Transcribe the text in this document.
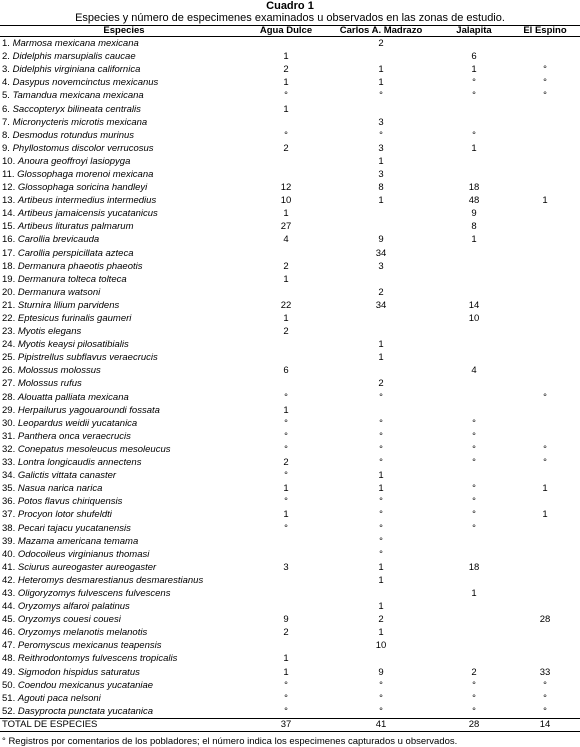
Cuadro 1
Especies y número de especimenes examinados u observados en las zonas de estudio.
Especies	Agua Dulce	Carlos A. Madrazo	Jalapita	El Espino
1. Marmosa mexicana mexicana		2		
2. Didelphis marsupialis caucae	1		6	
3. Didelphis virginiana californica	2	1	1	°
4. Dasypus novemcinctus mexicanus	1	1	°	°
5. Tamandua mexicana mexicana	°	°	°	°
6. Saccopteryx bilineata centralis	1			
7. Micronycteris microtis mexicana		3		
8. Desmodus rotundus murinus	°	°	°	
9. Phyllostomus discolor verrucosus	2	3	1	
10. Anoura geoffroyi lasiopyga		1		
11. Glossophaga morenoi mexicana		3		
12. Glossophaga soricina handleyi	12	8	18	
13. Artibeus intermedius intermedius	10	1	48	1
14. Artibeus jamaicensis yucatanicus	1		9	
15. Artibeus lituratus palmarum	27		8	
16. Carollia brevicauda	4	9	1	
17. Carollia perspicillata azteca		34		
18. Dermanura phaeotis phaeotis	2	3		
19. Dermanura tolteca tolteca	1			
20. Dermanura watsoni		2		
21. Sturnira lilium parvidens	22	34	14	
22. Eptesicus furinalis gaumeri	1		10	
23. Myotis elegans	2			
24. Myotis keaysi pilosatibialis		1		
25. Pipistrellus subflavus veraecrucis		1		
26. Molossus molossus	6		4	
27. Molossus rufus		2		
28. Alouatta palliata mexicana	°	°		°
29. Herpailurus yagouaroundi fossata	1			
30. Leopardus weidii yucatanica	°	°	°	
31. Panthera onca veraecrucis	°	°	°	
32. Conepatus mesoleucus mesoleucus	°	°	°	°
33. Lontra longicaudis annectens	2	°	°	°
34. Galictis vittata canaster	°	1		
35. Nasua narica narica	1	1	°	1
36. Potos flavus chiriquensis	°	°	°	
37. Procyon lotor shufeldti	1	°	°	1
38. Pecari tajacu yucatanensis	°	°	°	
39. Mazama americana temama		°		
40. Odocoileus virginianus thomasi		°		
41. Sciurus aureogaster aureogaster	3	1	18	
42. Heteromys desmarestianus desmarestianus		1		
43. Oligoryzomys fulvescens fulvescens			1	
44. Oryzomys alfaroi palatinus		1		
45. Oryzomys couesi couesi	9	2		28
46. Oryzomys melanotis melanotis	2	1		
47. Peromyscus mexicanus teapensis		10		
48. Reithrodontomys fulvescens tropicalis	1			
49. Sigmodon hispidus saturatus	1	9	2	33
50. Coendou mexicanus yucataniae	°	°	°	°
51. Agouti paca nelsoni	°	°	°	°
52. Dasyprocta punctata yucatanica	°	°	°	°
TOTAL DE ESPECIES	37	41	28	14
° Registros por comentarios de los pobladores; el número indica los especimenes capturados u observados.
